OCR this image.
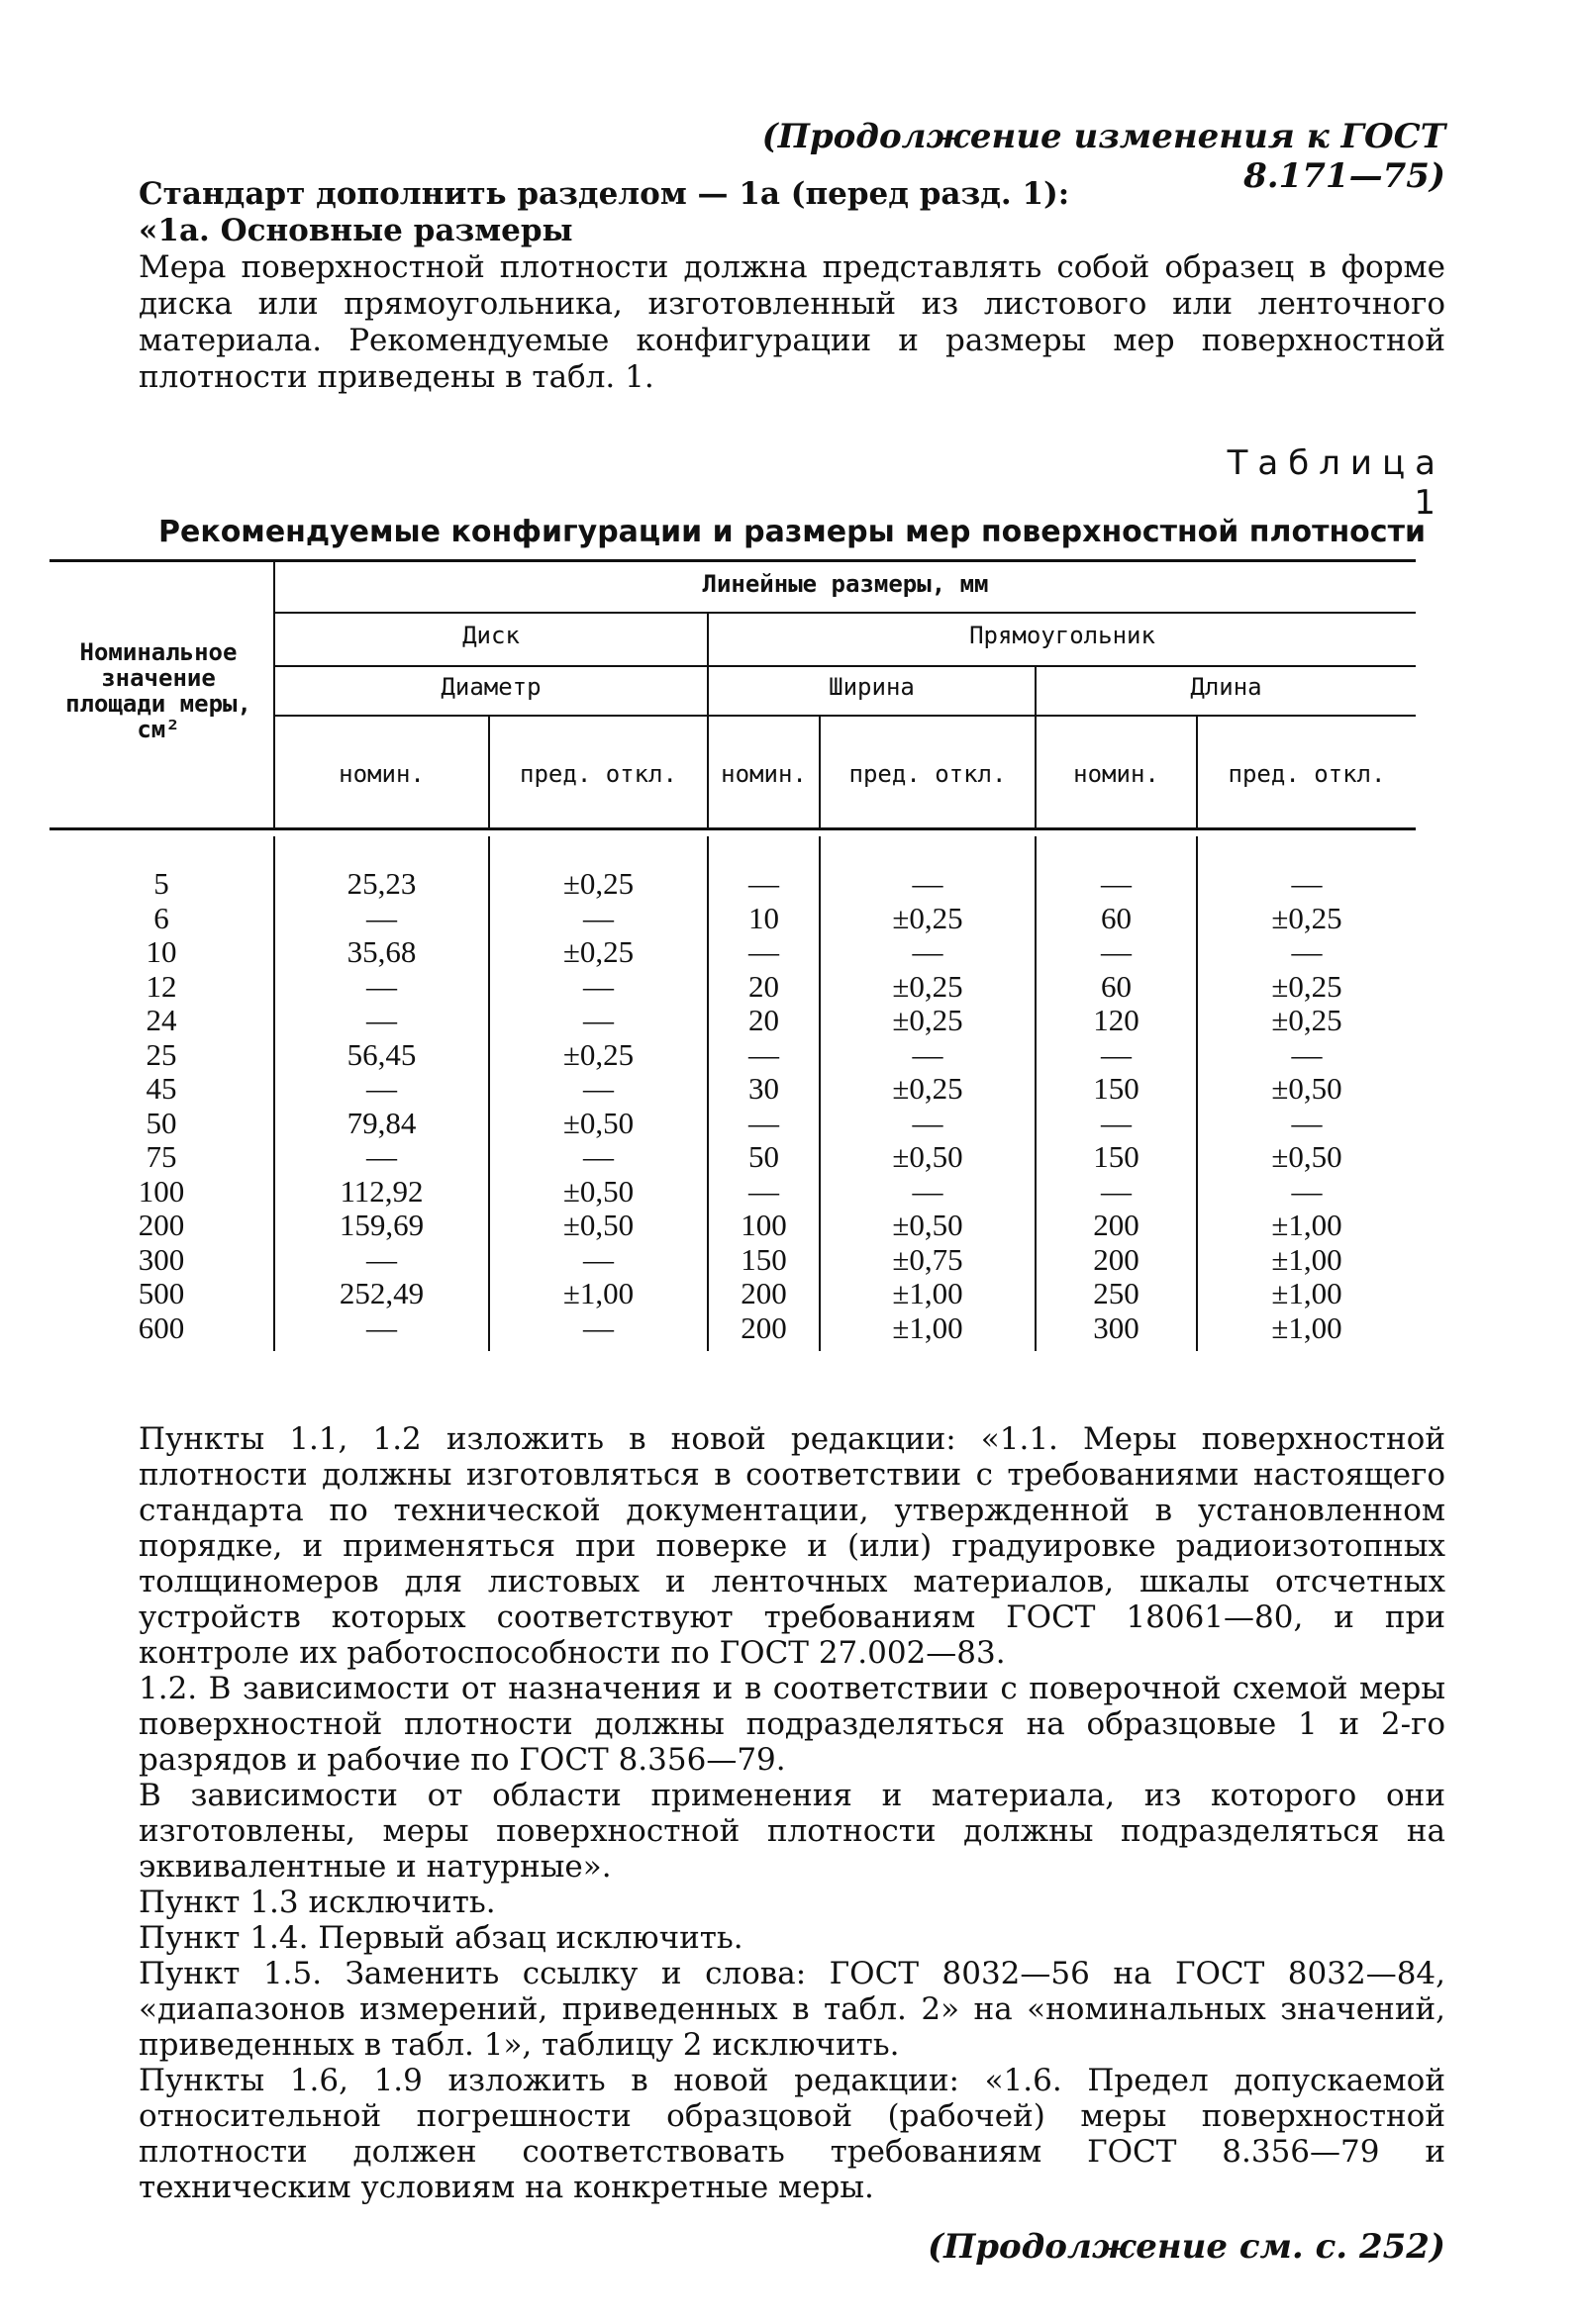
(Продолжение изменения к ГОСТ 8.171—75)

Стандарт дополнить разделом — 1а (перед разд. 1):

«1а. Основные размеры

Мера поверхностной плотности должна представлять собой образец в форме диска или прямоугольника, изготовленный из листового или ленточного материала. Рекомендуемые конфигурации и размеры мер поверхностной плотности приведены в табл. 1.

Таблица 1
Рекомендуемые конфигурации и размеры мер поверхностной плотности
Номинальное значение площади меры, см²
Линейные размеры, мм
Диск	Прямоугольник
Диаметр	Ширина	Длина
номин.	пред. откл.	номин.	пред. откл.	номин.	пред. откл.
5	25,23	±0,25	—	—	—	—
6	—	—	10	±0,25	60	±0,25
10	35,68	±0,25	—	—	—	—
12	—	—	20	±0,25	60	±0,25
24	—	—	20	±0,25	120	±0,25
25	56,45	±0,25	—	—	—	—
45	—	—	30	±0,25	150	±0,50
50	79,84	±0,50	—	—	—	—
75	—	—	50	±0,50	150	±0,50
100	112,92	±0,50	—	—	—	—
200	159,69	±0,50	100	±0,50	200	±1,00
300	—	—	150	±0,75	200	±1,00
500	252,49	±1,00	200	±1,00	250	±1,00
600	—	—	200	±1,00	300	±1,00

Пункты 1.1, 1.2 изложить в новой редакции: «1.1. Меры поверхностной плотности должны изготовляться в соответствии с требованиями настоящего стандарта по технической документации, утвержденной в установленном порядке, и применяться при поверке и (или) градуировке радиоизотопных толщиномеров для листовых и ленточных материалов, шкалы отсчетных устройств которых соответствуют требованиям ГОСТ 18061—80, и при контроле их работоспособности по ГОСТ 27.002—83.

1.2. В зависимости от назначения и в соответствии с поверочной схемой меры поверхностной плотности должны подразделяться на образцовые 1 и 2-го разрядов и рабочие по ГОСТ 8.356—79.

В зависимости от области применения и материала, из которого они изготовлены, меры поверхностной плотности должны подразделяться на эквивалентные и натурные».

Пункт 1.3 исключить.

Пункт 1.4. Первый абзац исключить.

Пункт 1.5. Заменить ссылку и слова: ГОСТ 8032—56 на ГОСТ 8032—84, «диапазонов измерений, приведенных в табл. 2» на «номинальных значений, приведенных в табл. 1», таблицу 2 исключить.

Пункты 1.6, 1.9 изложить в новой редакции: «1.6. Предел допускаемой относительной погрешности образцовой (рабочей) меры поверхностной плотности должен соответствовать требованиям ГОСТ 8.356—79 и техническим условиям на конкретные меры.

(Продолжение см. с. 252)
